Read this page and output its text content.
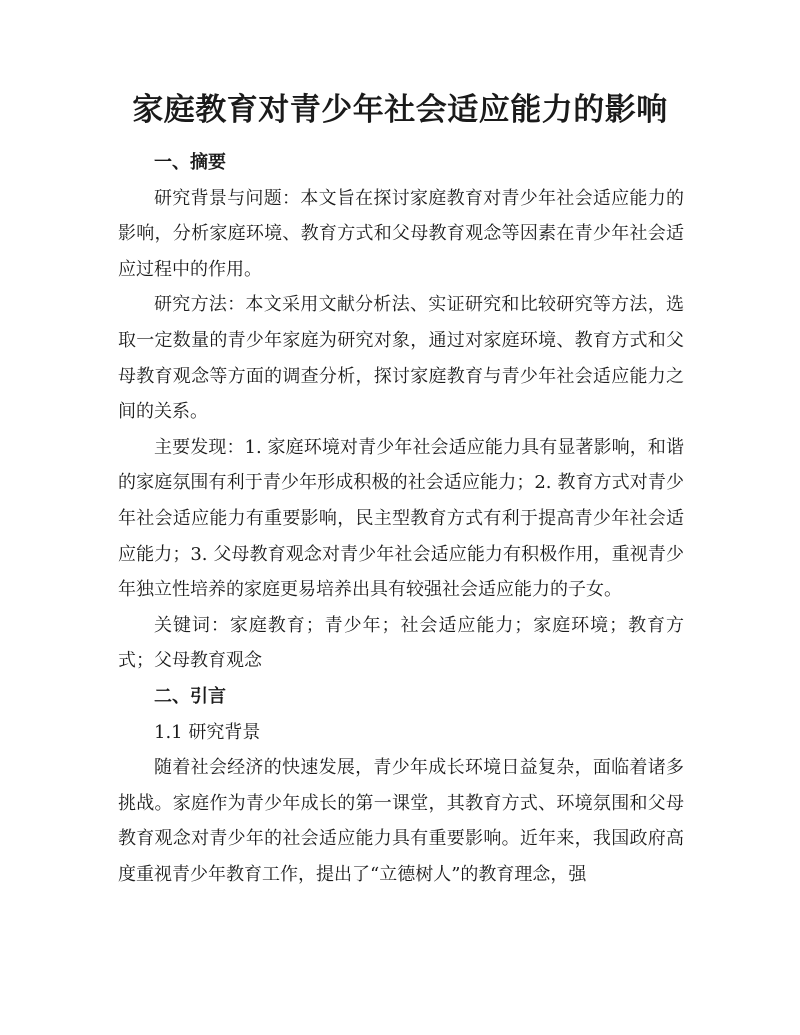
家庭教育对青少年社会适应能力的影响

一、摘要

研究背景与问题：本文旨在探讨家庭教育对青少年社会适应能力的影响，分析家庭环境、教育方式和父母教育观念等因素在青少年社会适应过程中的作用。

研究方法：本文采用文献分析法、实证研究和比较研究等方法，选取一定数量的青少年家庭为研究对象，通过对家庭环境、教育方式和父母教育观念等方面的调查分析，探讨家庭教育与青少年社会适应能力之间的关系。

主要发现：1. 家庭环境对青少年社会适应能力具有显著影响，和谐的家庭氛围有利于青少年形成积极的社会适应能力；2. 教育方式对青少年社会适应能力有重要影响，民主型教育方式有利于提高青少年社会适应能力；3. 父母教育观念对青少年社会适应能力有积极作用，重视青少年独立性培养的家庭更易培养出具有较强社会适应能力的子女。

关键词：家庭教育；青少年；社会适应能力；家庭环境；教育方式；父母教育观念

二、引言

1.1 研究背景

随着社会经济的快速发展，青少年成长环境日益复杂，面临着诸多挑战。家庭作为青少年成长的第一课堂，其教育方式、环境氛围和父母教育观念对青少年的社会适应能力具有重要影响。近年来，我国政府高度重视青少年教育工作，提出了“立德树人”的教育理念，强
